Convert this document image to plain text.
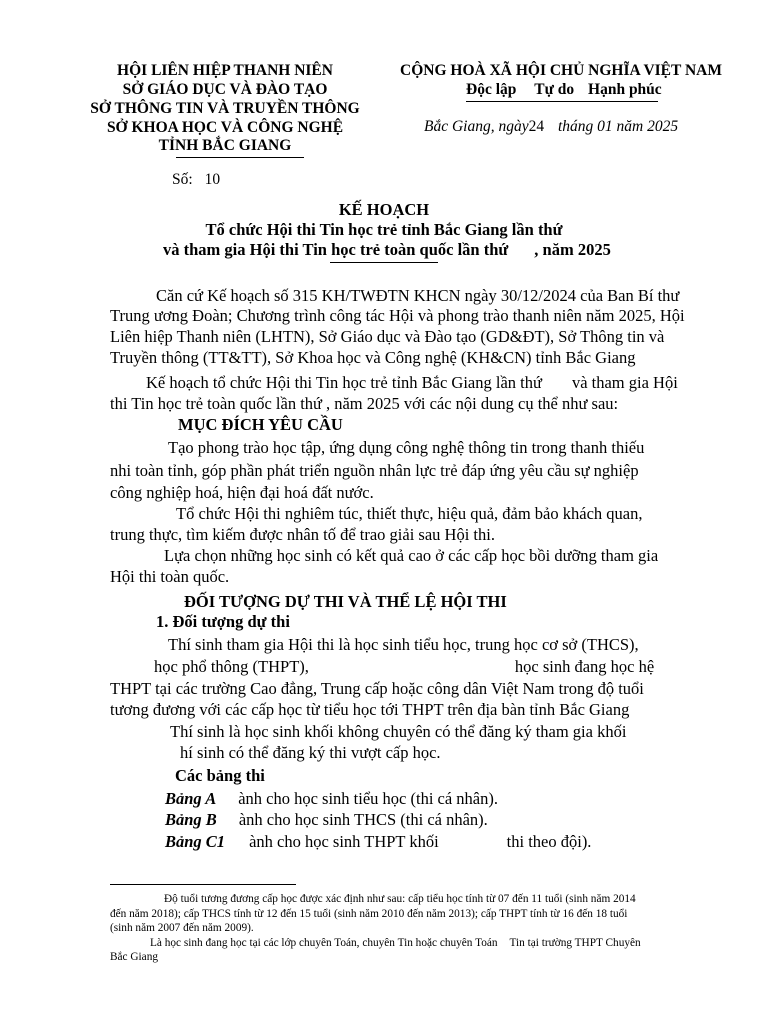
HỘI LIÊN HIỆP THANH NIÊN
SỞ GIÁO DỤC VÀ ĐÀO TẠO
SỞ THÔNG TIN VÀ TRUYỀN THÔNG
SỞ KHOA HỌC VÀ CÔNG NGHỆ
TỈNH BẮC GIANG
Số: 10
CỘNG HOÀ XÃ HỘI CHỦ NGHĨA VIỆT NAM
Độc lập Tự do Hạnh phúc
Bắc Giang, ngày24 tháng 01 năm 2025
KẾ HOẠCH
Tổ chức Hội thi Tin học trẻ tỉnh Bắc Giang lần thứ
và tham gia Hội thi Tin học trẻ toàn quốc lần thứ , năm 2025
Căn cứ Kế hoạch số 315 KH/TWĐTN KHCN ngày 30/12/2024 của Ban Bí thư
Trung ương Đoàn; Chương trình công tác Hội và phong trào thanh niên năm 2025, Hội
Liên hiệp Thanh niên (LHTN), Sở Giáo dục và Đào tạo (GD&ĐT), Sở Thông tin và
Truyền thông (TT&TT), Sở Khoa học và Công nghệ (KH&CN) tỉnh Bắc Giang
Kế hoạch tổ chức Hội thi Tin học trẻ tỉnh Bắc Giang lần thứ và tham gia Hội
thi Tin học trẻ toàn quốc lần thứ , năm 2025 với các nội dung cụ thể như sau:
MỤC ĐÍCH YÊU CẦU
Tạo phong trào học tập, ứng dụng công nghệ thông tin trong thanh thiếu
nhi toàn tỉnh, góp phần phát triển nguồn nhân lực trẻ đáp ứng yêu cầu sự nghiệp
công nghiệp hoá, hiện đại hoá đất nước.
Tổ chức Hội thi nghiêm túc, thiết thực, hiệu quả, đảm bảo khách quan,
trung thực, tìm kiếm được nhân tố để trao giải sau Hội thi.
Lựa chọn những học sinh có kết quả cao ở các cấp học bồi dưỡng tham gia
Hội thi toàn quốc.
ĐỐI TƯỢNG DỰ THI VÀ THỂ LỆ HỘI THI
1. Đối tượng dự thi
Thí sinh tham gia Hội thi là học sinh tiểu học, trung học cơ sở (THCS),
học phổ thông (THPT),	học sinh đang học hệ
THPT tại các trường Cao đẳng, Trung cấp hoặc công dân Việt Nam trong độ tuổi
tương đương với các cấp học từ tiểu học tới THPT trên địa bàn tỉnh Bắc Giang
Thí sinh là học sinh khối không chuyên có thể đăng ký tham gia khối
hí sinh có thể đăng ký thi vượt cấp học.
Các bảng thi
Bảng A ành cho học sinh tiểu học (thi cá nhân).
Bảng B ành cho học sinh THCS (thi cá nhân).
Bảng C1 ành cho học sinh THPT khối	thi theo đội).
Độ tuổi tương đương cấp học được xác định như sau: cấp tiểu học tính từ 07 đến 11 tuổi (sinh năm 2014
đến năm 2018); cấp THCS tính từ 12 đến 15 tuổi (sinh năm 2010 đến năm 2013); cấp THPT tính từ 16 đến 18 tuổi
(sinh năm 2007 đến năm 2009).
Là học sinh đang học tại các lớp chuyên Toán, chuyên Tin hoặc chuyên Toán Tin tại trường THPT Chuyên
Bắc Giang
